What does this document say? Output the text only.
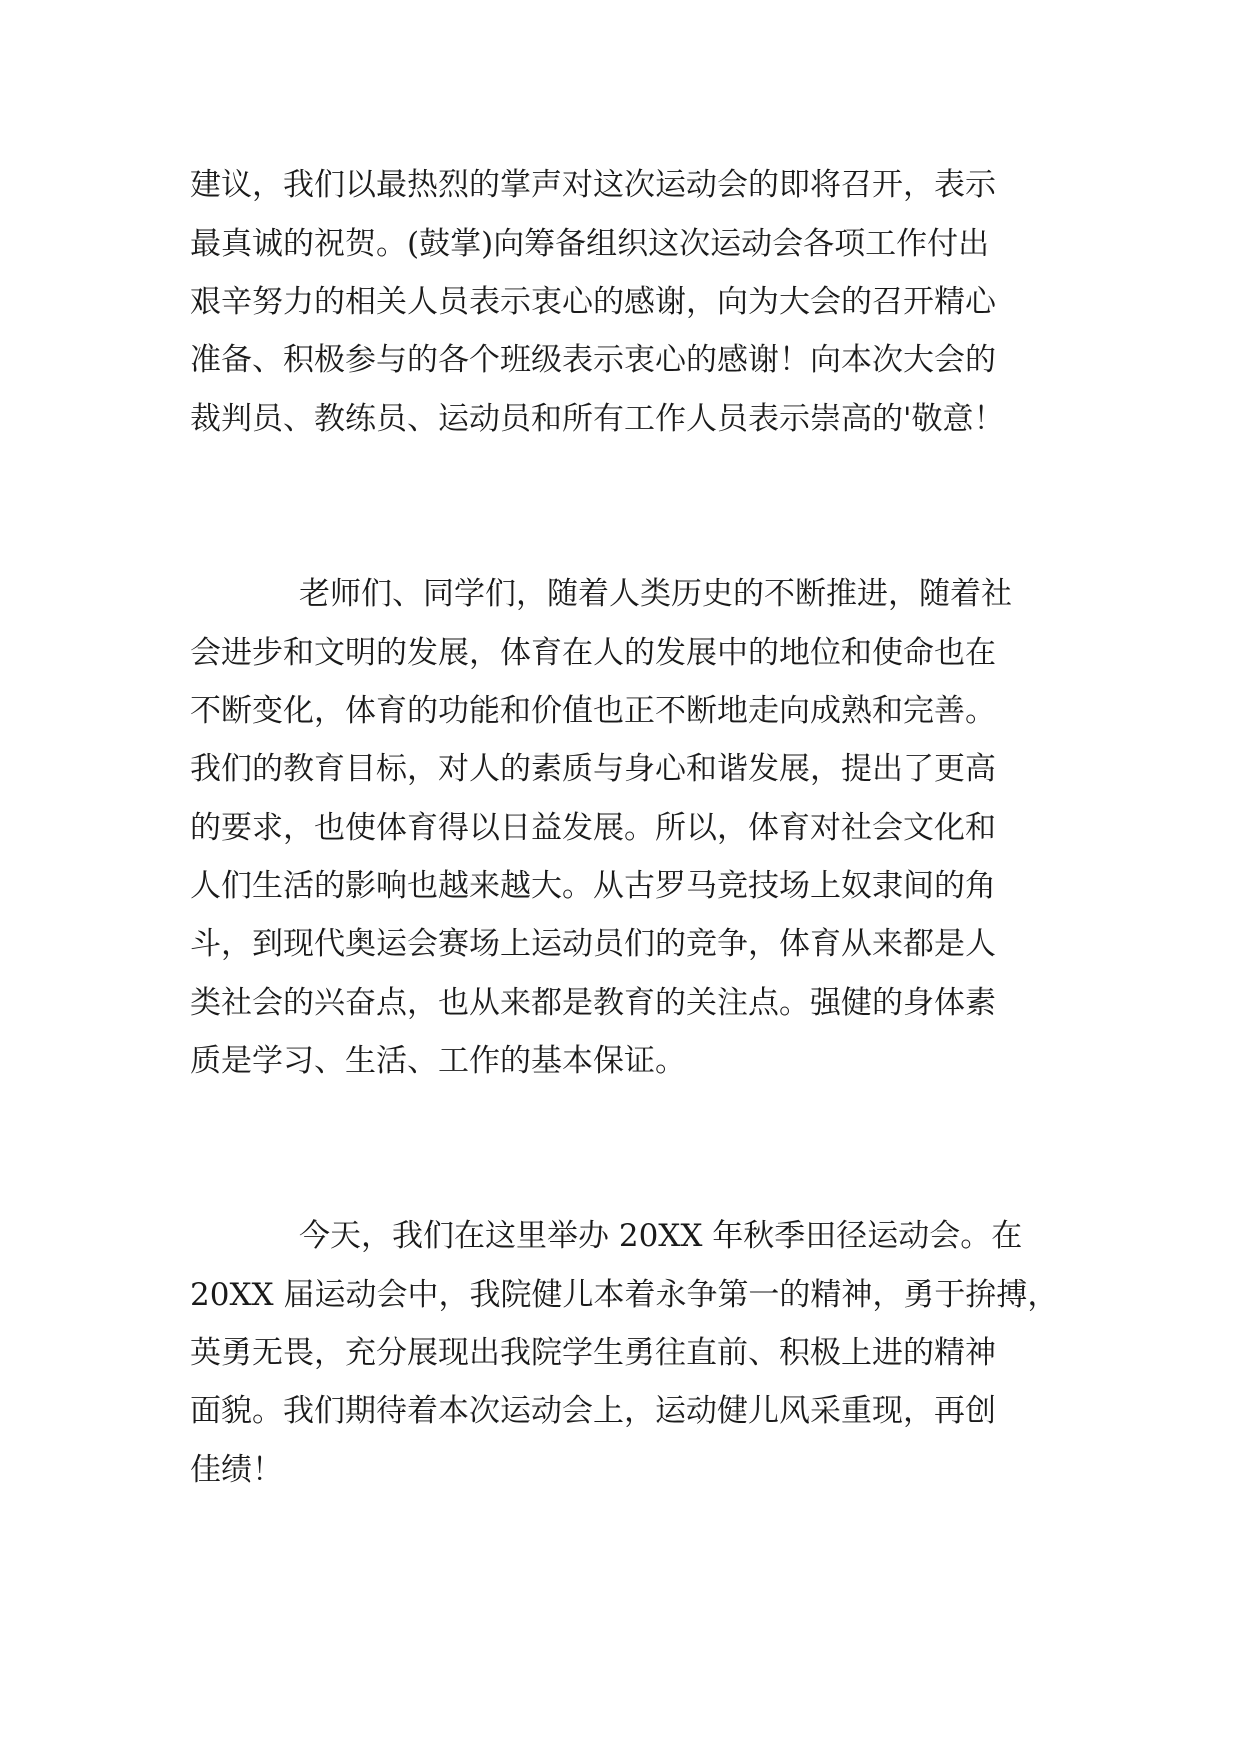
建议，我们以最热烈的掌声对这次运动会的即将召开，表示
最真诚的祝贺。(鼓掌)向筹备组织这次运动会各项工作付出
艰辛努力的相关人员表示衷心的感谢，向为大会的召开精心
准备、积极参与的各个班级表示衷心的感谢！向本次大会的
裁判员、教练员、运动员和所有工作人员表示崇高的'敬意！
老师们、同学们，随着人类历史的不断推进，随着社
会进步和文明的发展，体育在人的发展中的地位和使命也在
不断变化，体育的功能和价值也正不断地走向成熟和完善。
我们的教育目标，对人的素质与身心和谐发展，提出了更高
的要求，也使体育得以日益发展。所以，体育对社会文化和
人们生活的影响也越来越大。从古罗马竞技场上奴隶间的角
斗，到现代奥运会赛场上运动员们的竞争，体育从来都是人
类社会的兴奋点，也从来都是教育的关注点。强健的身体素
质是学习、生活、工作的基本保证。
今天，我们在这里举办 20XX 年秋季田径运动会。在
20XX 届运动会中，我院健儿本着永争第一的精神，勇于拚搏，
英勇无畏，充分展现出我院学生勇往直前、积极上进的精神
面貌。我们期待着本次运动会上，运动健儿风采重现，再创
佳绩！
